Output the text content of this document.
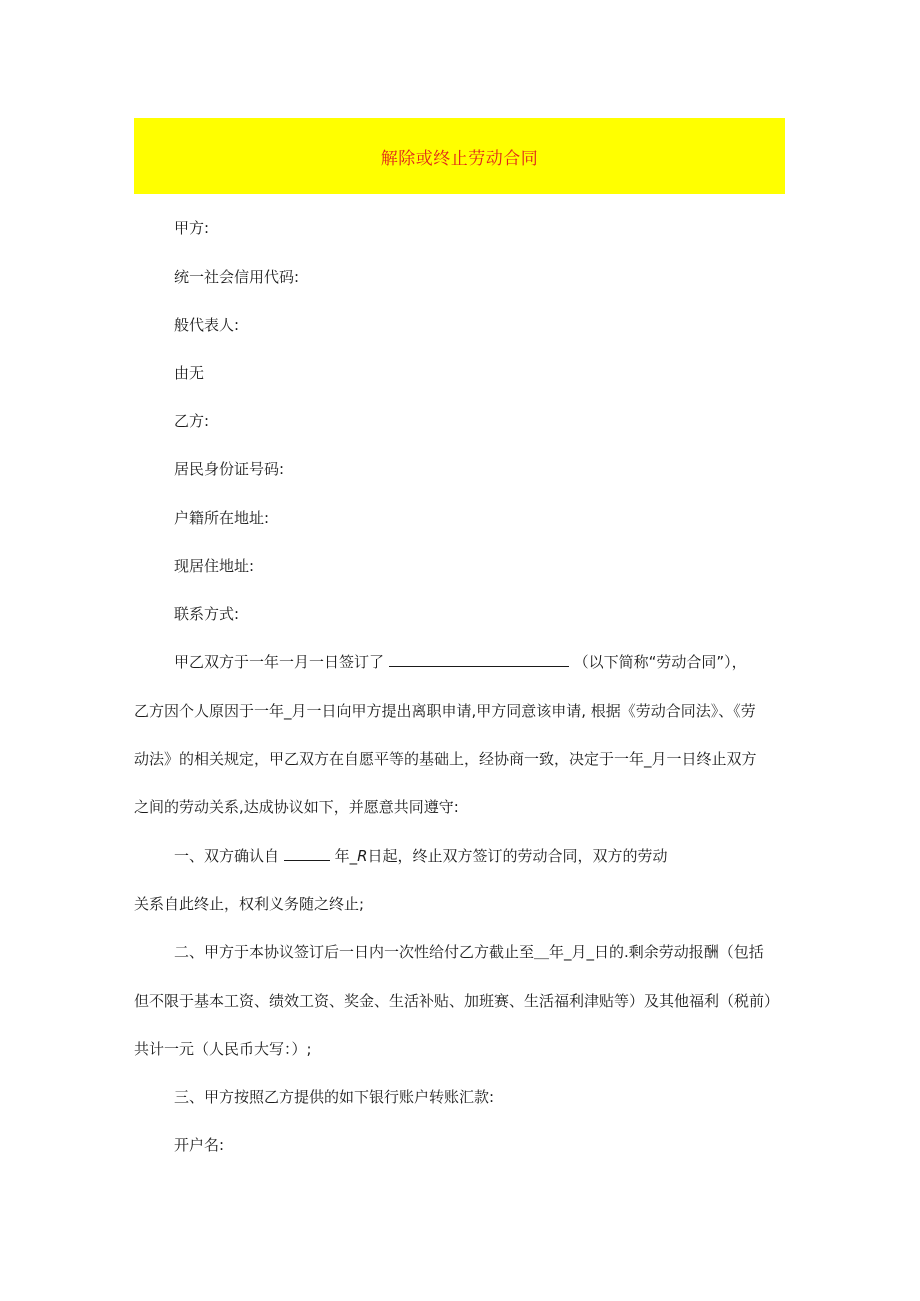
解除或终止劳动合同
甲方:
统一社会信用代码:
般代表人:
由无
乙方:
居民身份证号码:
户籍所在地址:
现居住地址:
联系方式:
甲乙双方于一年一月一日签订了	（以下简称“劳动合同”），
乙方因个人原因于一年_月一日向甲方提出离职申请,甲方同意该申请, 根据《劳动合同法》、《劳
动法》的相关规定，甲乙双方在自愿平等的基础上，经协商一致，决定于一年_月一日终止双方
之间的劳动关系,达成协议如下，并愿意共同遵守:
一、双方确认自	年_R日起，终止双方签订的劳动合同，双方的劳动
关系自此终止，权利义务随之终止;
二、甲方于本协议签订后一日内一次性给付乙方截止至＿年_月_日的.剩余劳动报酬（包括
但不限于基本工资、绩效工资、奖金、生活补贴、加班赛、生活福利津贴等）及其他福利（税前）
共计一元（人民币大写：）;
三、甲方按照乙方提供的如下银行账户转账汇款:
开户名:
